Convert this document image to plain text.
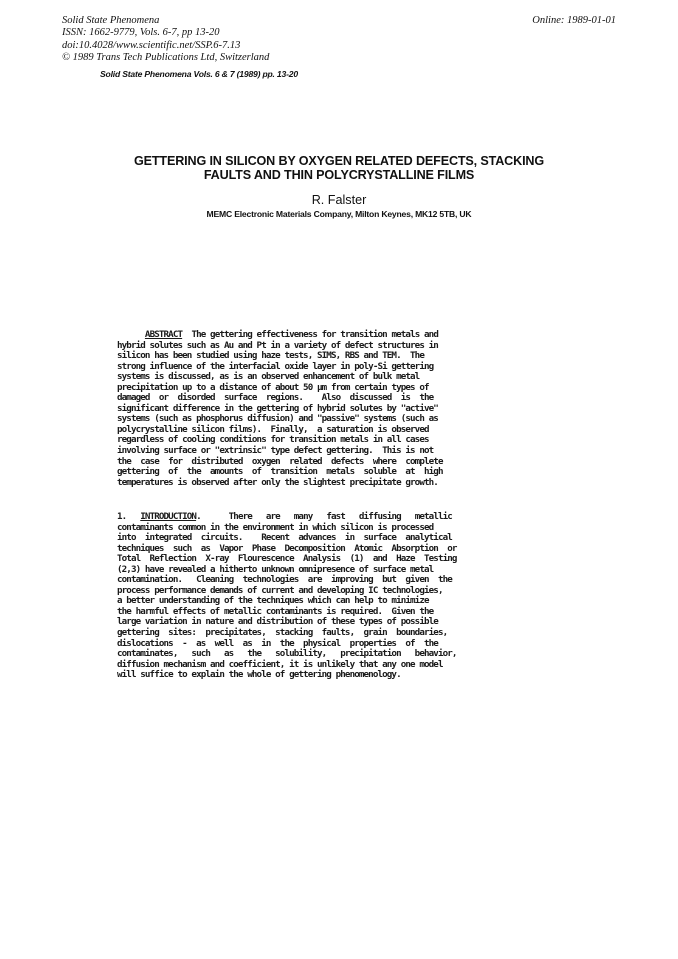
Solid State Phenomena
ISSN: 1662-9779, Vols. 6-7, pp 13-20
doi:10.4028/www.scientific.net/SSP.6-7.13
© 1989 Trans Tech Publications Ltd, Switzerland
Online: 1989-01-01
Solid State Phenomena Vols. 6 & 7 (1989) pp. 13-20
GETTERING IN SILICON BY OXYGEN RELATED DEFECTS, STACKING
FAULTS AND THIN POLYCRYSTALLINE FILMS
R. Falster
MEMC Electronic Materials Company, Milton Keynes, MK12 5TB, UK
ABSTRACT  The gettering effectiveness for transition metals and
hybrid solutes such as Au and Pt in a variety of defect structures in
silicon has been studied using haze tests, SIMS, RBS and TEM.  The
strong influence of the interfacial oxide layer in poly-Si gettering
systems is discussed, as is an observed enhancement of bulk metal
precipitation up to a distance of about 50 µm from certain types of
damaged  or  disorded  surface  regions.    Also  discussed  is  the
significant difference in the gettering of hybrid solutes by "active"
systems (such as phosphorus diffusion) and "passive" systems (such as
polycrystalline silicon films).  Finally,  a saturation is observed
regardless of cooling conditions for transition metals in all cases
involving surface or "extrinsic" type defect gettering.  This is not
the  case  for  distributed  oxygen  related  defects  where  complete
gettering  of  the  amounts  of  transition  metals  soluble  at  high
temperatures is observed after only the slightest precipitate growth.
1.   INTRODUCTION.      There   are   many   fast   diffusing   metallic
contaminants common in the environment in which silicon is processed
into  integrated  circuits.    Recent  advances  in  surface  analytical
techniques  such  as  Vapor  Phase  Decomposition  Atomic  Absorption  or
Total  Reflection  X-ray  Flourescence  Analysis  (1)  and  Haze  Testing
(2,3) have revealed a hitherto unknown omnipresence of surface metal
contamination.   Cleaning  technologies  are  improving  but  given  the
process performance demands of current and developing IC technologies,
a better understanding of the techniques which can help to minimize
the harmful effects of metallic contaminants is required.  Given the
large variation in nature and distribution of these types of possible
gettering  sites:  precipitates,  stacking  faults,  grain  boundaries,
dislocations  -  as  well  as  in  the  physical  properties  of  the
contaminates,   such   as   the   solubility,   precipitation   behavior,
diffusion mechanism and coefficient, it is unlikely that any one model
will suffice to explain the whole of gettering phenomenology.
